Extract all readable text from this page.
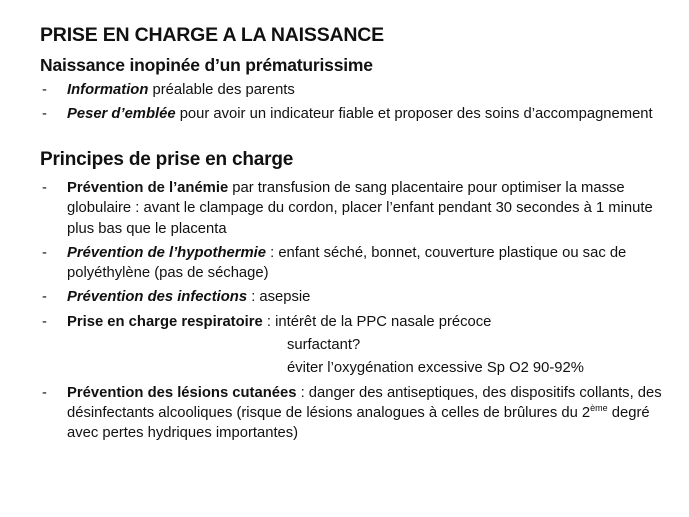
PRISE EN CHARGE A LA NAISSANCE
Naissance inopinée d’un prématurissime
- Information préalable des parents
- Peser d’emblée pour avoir un indicateur fiable et proposer des soins d’accompagnement
Principes de prise en charge
- Prévention de l’anémie par transfusion de sang placentaire pour optimiser la masse globulaire : avant le clampage du cordon, placer l’enfant pendant 30 secondes à 1 minute plus bas que le placenta
- Prévention de l’hypothermie : enfant séché, bonnet, couverture plastique ou sac de polyéthylène (pas de séchage)
- Prévention des infections : asepsie
- Prise en charge respiratoire : intérêt de la PPC nasale précoce
surfactant?
éviter l’oxygénation excessive Sp O2 90-92%
- Prévention des lésions cutanées : danger des antiseptiques, des dispositifs collants, des désinfectants alcooliques (risque de lésions analogues à celles de brûlures du 2ème degré avec pertes hydriques importantes)
